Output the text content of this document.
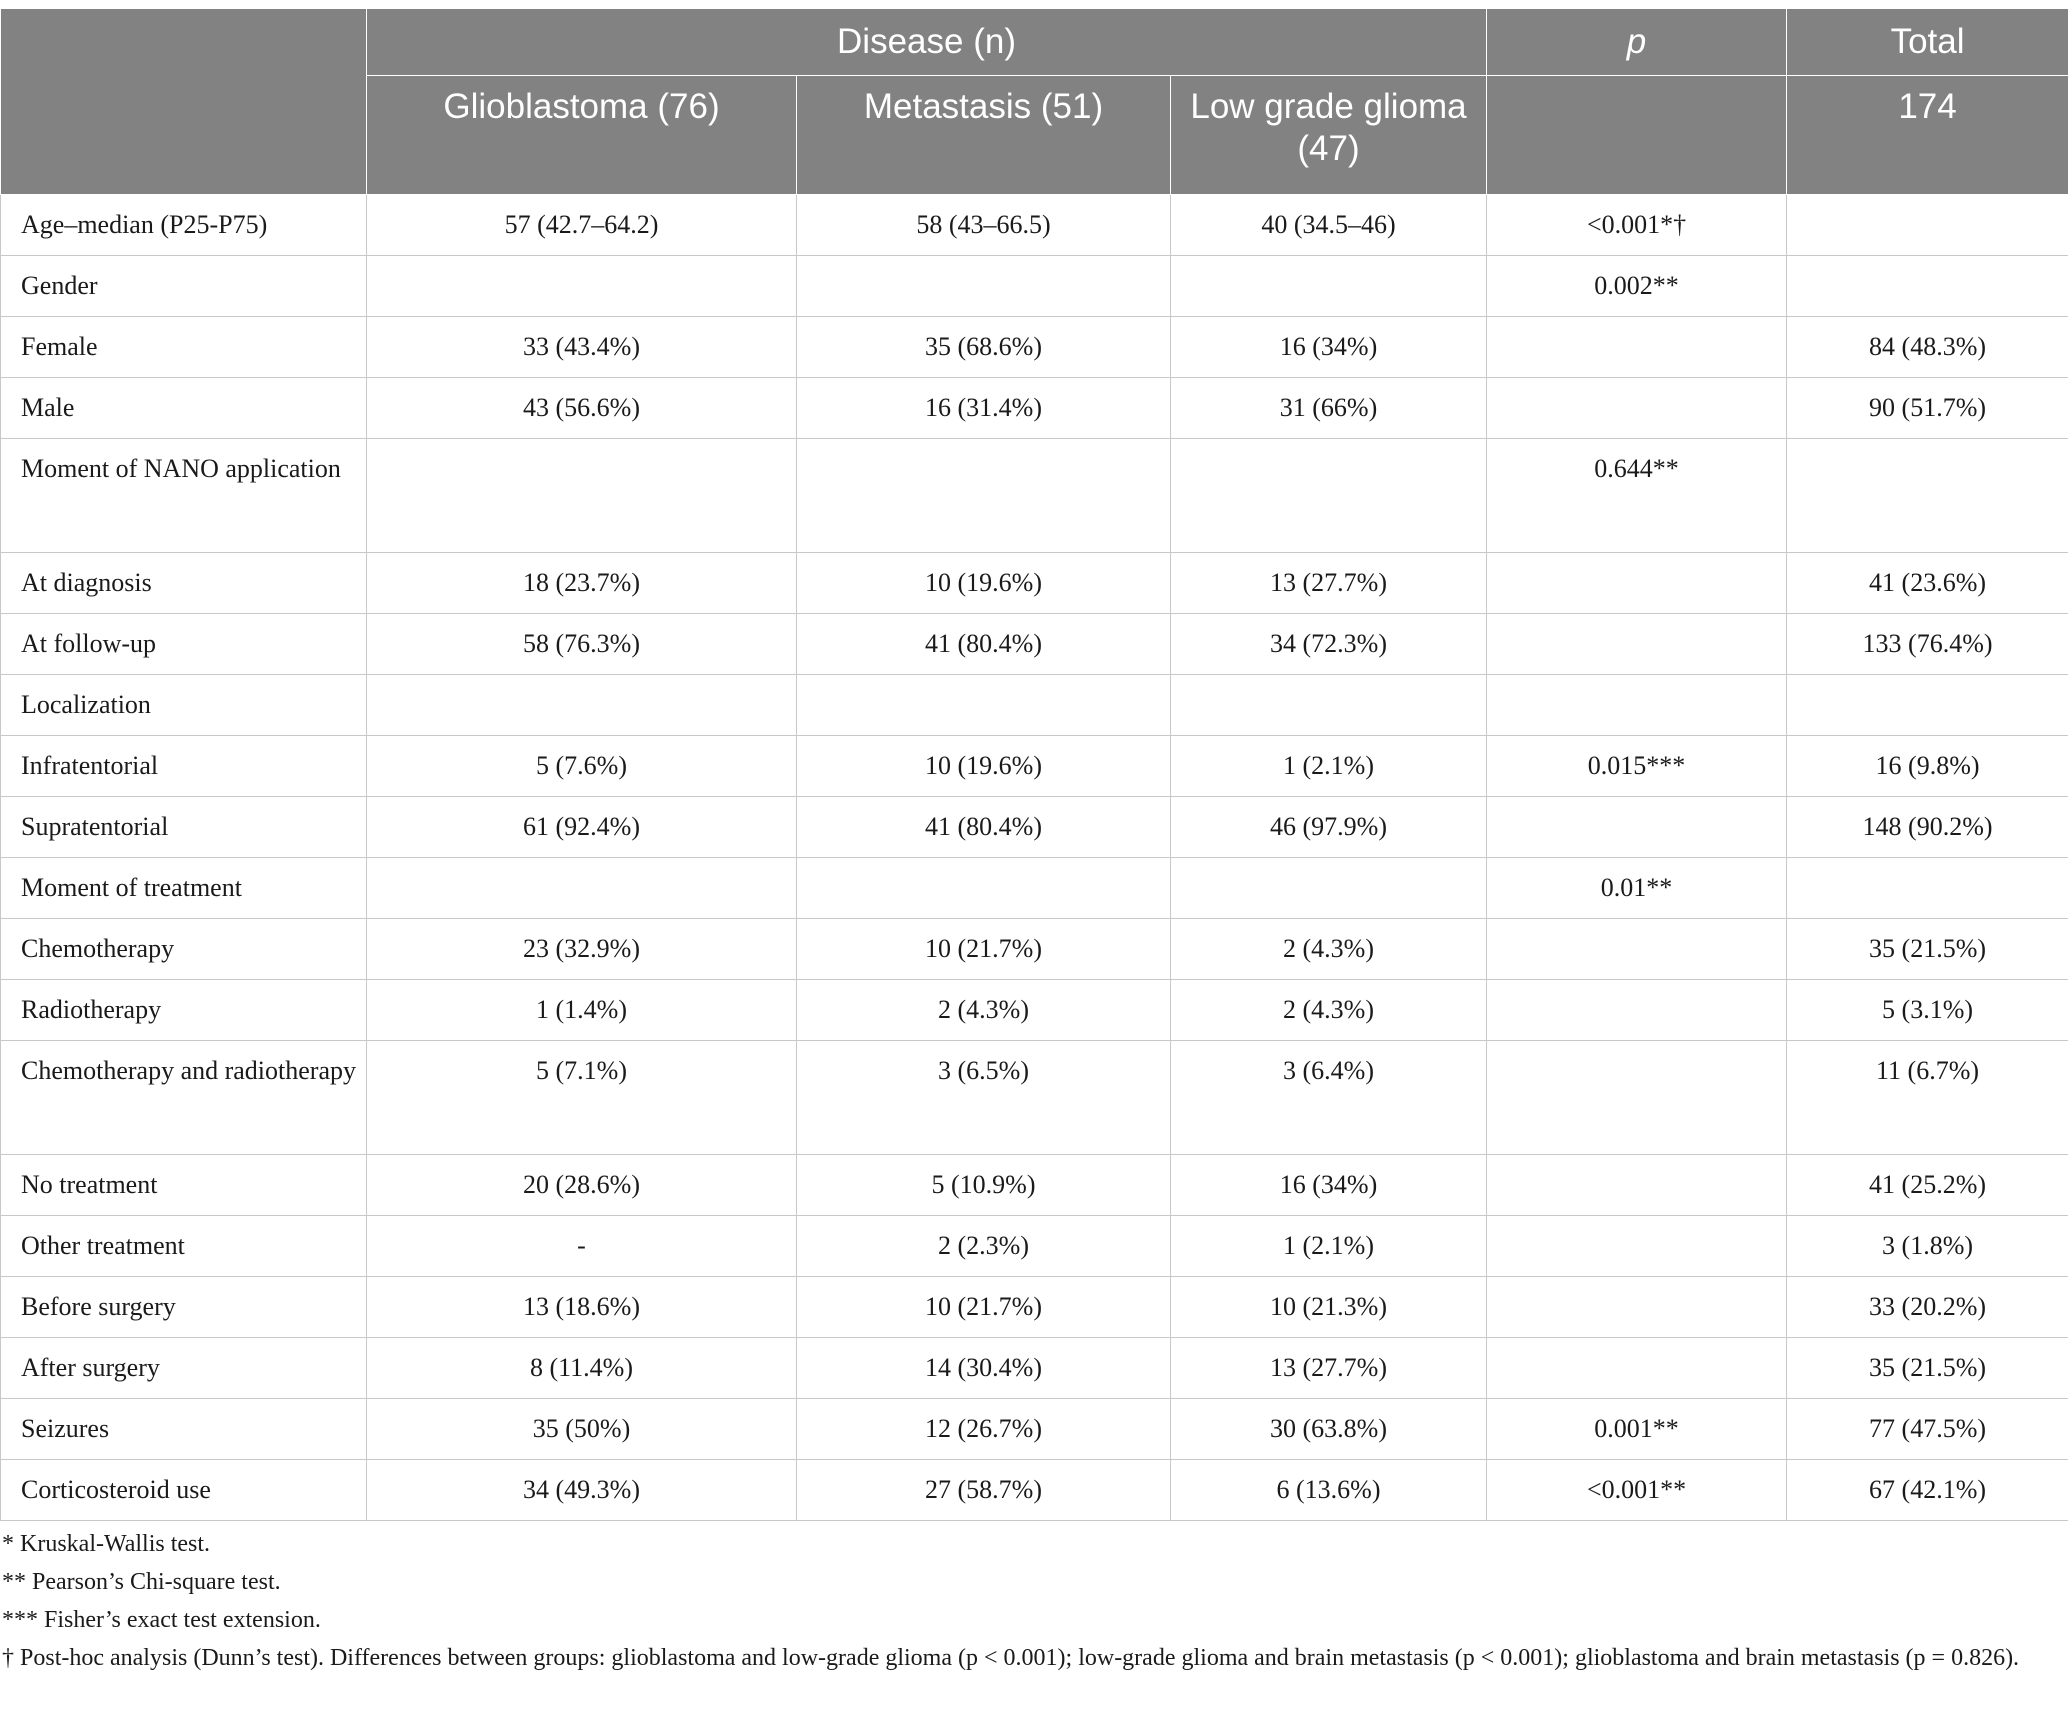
	Disease (n)			p	Total
	Glioblastoma (76)	Metastasis (51)	Low grade glioma (47)		174
Age–median (P25-P75)	57 (42.7–64.2)	58 (43–66.5)	40 (34.5–46)	<0.001*†	
Gender				0.002**	
Female	33 (43.4%)	35 (68.6%)	16 (34%)		84 (48.3%)
Male	43 (56.6%)	16 (31.4%)	31 (66%)		90 (51.7%)
Moment of NANO application				0.644**	
At diagnosis	18 (23.7%)	10 (19.6%)	13 (27.7%)		41 (23.6%)
At follow-up	58 (76.3%)	41 (80.4%)	34 (72.3%)		133 (76.4%)
Localization					
Infratentorial	5 (7.6%)	10 (19.6%)	1 (2.1%)	0.015***	16 (9.8%)
Supratentorial	61 (92.4%)	41 (80.4%)	46 (97.9%)		148 (90.2%)
Moment of treatment				0.01**	
Chemotherapy	23 (32.9%)	10 (21.7%)	2 (4.3%)		35 (21.5%)
Radiotherapy	1 (1.4%)	2 (4.3%)	2 (4.3%)		5 (3.1%)
Chemotherapy and radiotherapy	5 (7.1%)	3 (6.5%)	3 (6.4%)		11 (6.7%)
No treatment	20 (28.6%)	5 (10.9%)	16 (34%)		41 (25.2%)
Other treatment	-	2 (2.3%)	1 (2.1%)		3 (1.8%)
Before surgery	13 (18.6%)	10 (21.7%)	10 (21.3%)		33 (20.2%)
After surgery	8 (11.4%)	14 (30.4%)	13 (27.7%)		35 (21.5%)
Seizures	35 (50%)	12 (26.7%)	30 (63.8%)	0.001**	77 (47.5%)
Corticosteroid use	34 (49.3%)	27 (58.7%)	6 (13.6%)	<0.001**	67 (42.1%)
* Kruskal-Wallis test.
** Pearson’s Chi-square test.
*** Fisher’s exact test extension.
† Post-hoc analysis (Dunn’s test). Differences between groups: glioblastoma and low-grade glioma (p < 0.001); low-grade glioma and brain metastasis (p < 0.001); glioblastoma and brain metastasis (p = 0.826).
